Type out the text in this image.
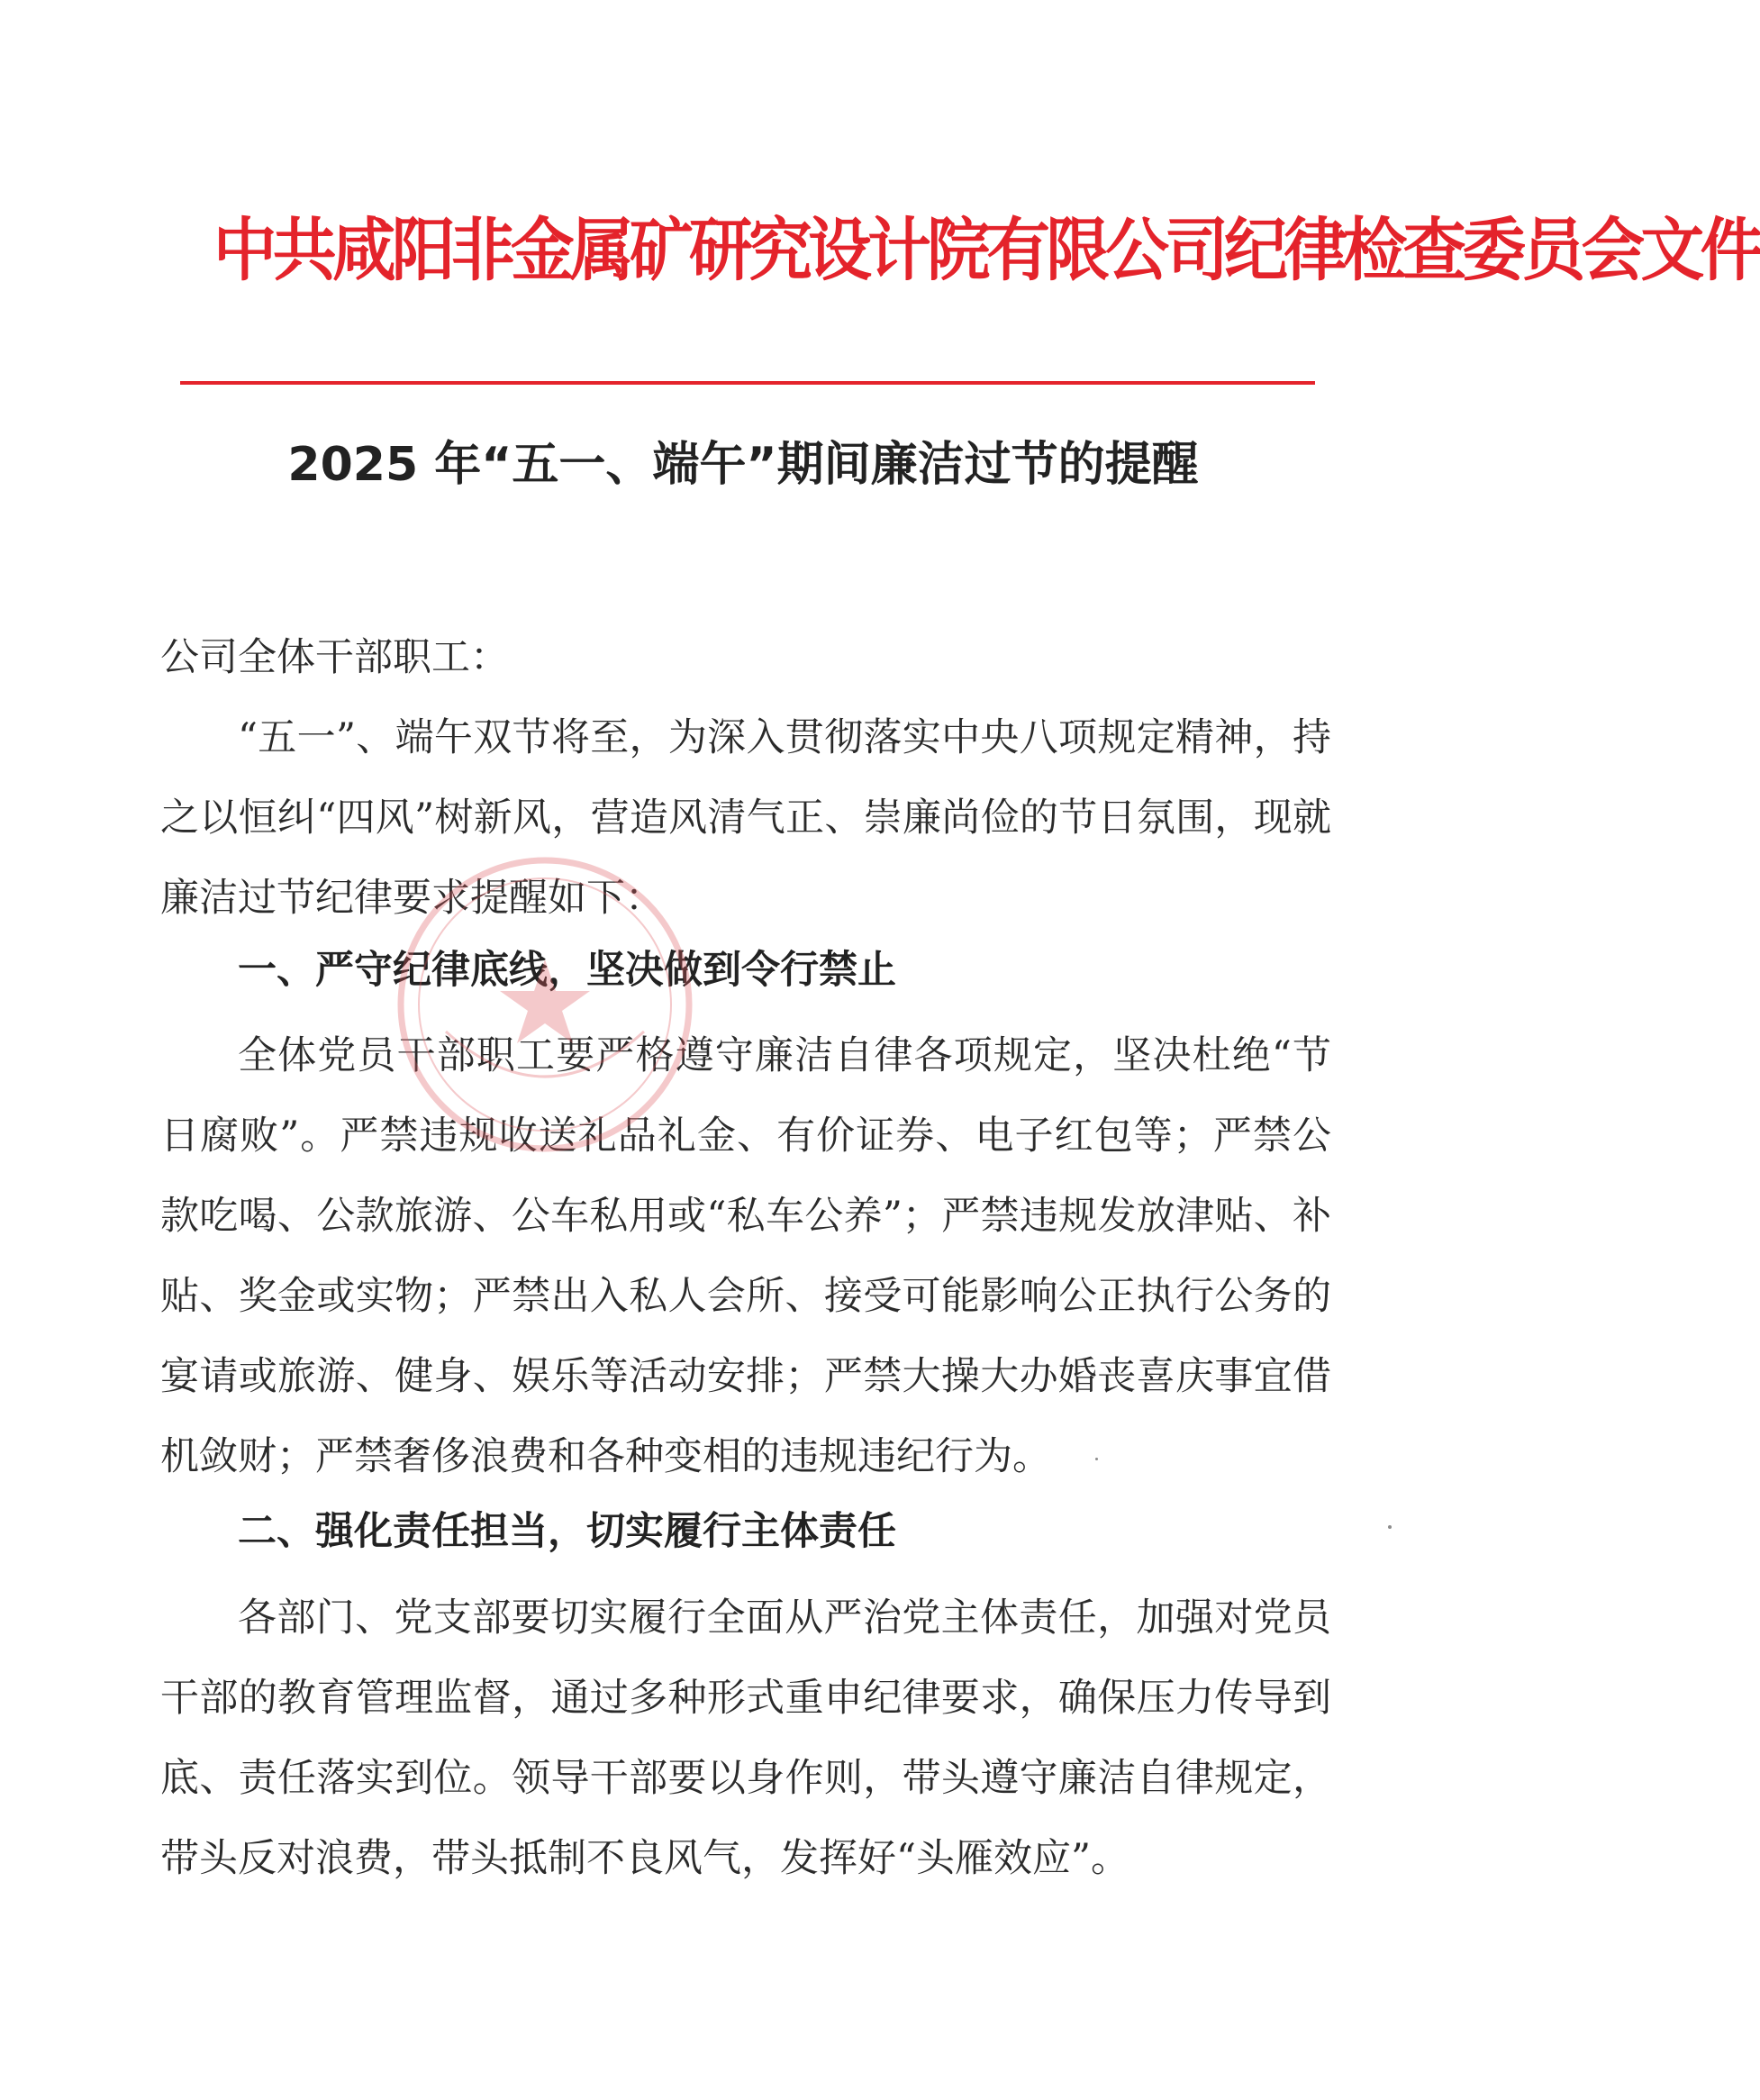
中共咸阳非金属矿研究设计院有限公司纪律检查委员会文件
2025 年“五一、端午”期间廉洁过节的提醒
公司全体干部职工：

“五一”、端午双节将至，为深入贯彻落实中央八项规定精神，持之以恒纠“四风”树新风，营造风清气正、崇廉尚俭的节日氛围，现就廉洁过节纪律要求提醒如下：

一、严守纪律底线，坚决做到令行禁止

全体党员干部职工要严格遵守廉洁自律各项规定，坚决杜绝“节日腐败”。严禁违规收送礼品礼金、有价证券、电子红包等；严禁公款吃喝、公款旅游、公车私用或“私车公养”；严禁违规发放津贴、补贴、奖金或实物；严禁出入私人会所、接受可能影响公正执行公务的宴请或旅游、健身、娱乐等活动安排；严禁大操大办婚丧喜庆事宜借机敛财；严禁奢侈浪费和各种变相的违规违纪行为。

二、强化责任担当，切实履行主体责任

各部门、党支部要切实履行全面从严治党主体责任，加强对党员干部的教育管理监督，通过多种形式重申纪律要求，确保压力传导到底、责任落实到位。领导干部要以身作则，带头遵守廉洁自律规定，带头反对浪费，带头抵制不良风气，发挥好“头雁效应”。
